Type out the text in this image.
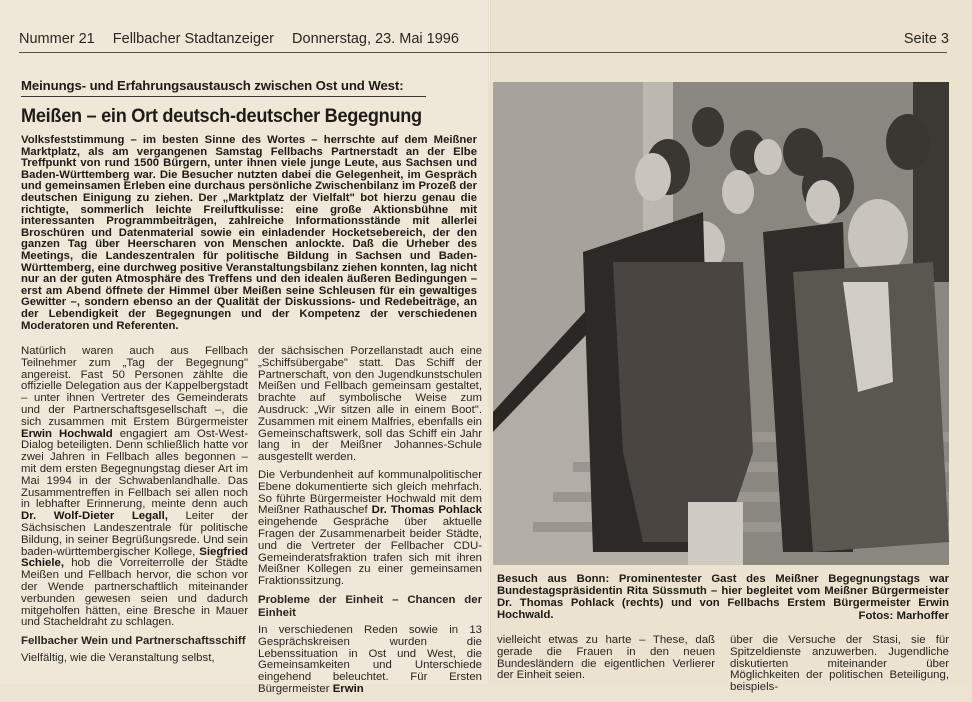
Nummer 21 Fellbacher Stadtanzeiger Donnerstag, 23. Mai 1996	Seite 3
Meinungs- und Erfahrungsaustausch zwischen Ost und West:
Meißen – ein Ort deutsch-deutscher Begegnung
Volksfeststimmung – im besten Sinne des Wortes – herrschte auf dem Meißner Marktplatz, als am vergangenen Samstag Fellbachs Partnerstadt an der Elbe Treffpunkt von rund 1500 Bürgern, unter ihnen viele junge Leute, aus Sachsen und Baden-Württemberg war. Die Besucher nutzten dabei die Gelegenheit, im Gespräch und gemeinsamen Erleben eine durchaus persönliche Zwischenbilanz im Prozeß der deutschen Einigung zu ziehen. Der „Marktplatz der Vielfalt" bot hierzu genau die richtigte, sommerlich leichte Freiluftkulisse: eine große Aktionsbühne mit interessanten Programmbeiträgen, zahlreiche Informationsstände mit allerlei Broschüren und Datenmaterial sowie ein einladender Hocketsebereich, der den ganzen Tag über Heerscharen von Menschen anlockte. Daß die Urheber des Meetings, die Landeszentralen für politische Bildung in Sachsen und Baden-Württemberg, eine durchweg positive Veranstaltungsbilanz ziehen konnten, lag nicht nur an der guten Atmosphäre des Treffens und den idealen äußeren Bedingungen – erst am Abend öffnete der Himmel über Meißen seine Schleusen für ein gewaltiges Gewitter –, sondern ebenso an der Qualität der Diskussions- und Redebeiträge, an der Lebendigkeit der Begegnungen und der Kompetenz der verschiedenen Moderatoren und Referenten.

Natürlich waren auch aus Fellbach Teilnehmer zum „Tag der Begegnung" angereist. Fast 50 Personen zählte die offizielle Delegation aus der Kappelbergstadt – unter ihnen Vertreter des Gemeinderats und der Partnerschaftsgesellschaft –, die sich zusammen mit Erstem Bürgermeister Erwin Hochwald engagiert am Ost-West-Dialog beteiligten. Denn schließlich hatte vor zwei Jahren in Fellbach alles begonnen – mit dem ersten Begegnungstag dieser Art im Mai 1994 in der Schwabenlandhalle. Das Zusammentreffen in Fellbach sei allen noch in lebhafter Erinnerung, meinte denn auch Dr. Wolf-Dieter Legall, Leiter der Sächsischen Landeszentrale für politische Bildung, in seiner Begrüßungsrede. Und sein baden-württembergischer Kollege, Siegfried Schiele, hob die Vorreiterrolle der Städte Meißen und Fellbach hervor, die schon vor der Wende partnerschaftlich miteinander verbunden gewesen seien und dadurch mitgeholfen hätten, eine Bresche in Mauer und Stacheldraht zu schlagen.

Fellbacher Wein und Partnerschaftsschiff

Vielfältig, wie die Veranstaltung selbst,

der sächsischen Porzellanstadt auch eine „Schiffsübergabe" statt. Das Schiff der Partnerschaft, von den Jugendkunstschulen Meißen und Fellbach gemeinsam gestaltet, brachte auf symbolische Weise zum Ausdruck: „Wir sitzen alle in einem Boot". Zusammen mit einem Malfries, ebenfalls ein Gemeinschaftswerk, soll das Schiff ein Jahr lang in der Meißner Johannes-Schule ausgestellt werden.

Die Verbundenheit auf kommunalpolitischer Ebene dokumentierte sich gleich mehrfach. So führte Bürgermeister Hochwald mit dem Meißner Rathauschef Dr. Thomas Pohlack eingehende Gespräche über aktuelle Fragen der Zusammenarbeit beider Städte, und die Vertreter der Fellbacher CDU-Gemeinderatsfraktion trafen sich mit ihren Meißner Kollegen zu einer gemeinsamen Fraktionssitzung.

Probleme der Einheit – Chancen der Einheit

In verschiedenen Reden sowie in 13 Gesprächskreisen wurden die Lebenssituation in Ost und West, die Gemeinsamkeiten und Unterschiede eingehend beleuchtet. Für Ersten Bürgermeister Erwin

Besuch aus Bonn: Prominentester Gast des Meißner Begegnungstags war Bundestagspräsidentin Rita Süssmuth – hier begleitet vom Meißner Bürgermeister Dr. Thomas Pohlack (rechts) und von Fellbachs Erstem Bürgermeister Erwin Hochwald.	Fotos: Marhoffer

vielleicht etwas zu harte – These, daß gerade die Frauen in den neuen Bundesländern die eigentlichen Verlierer der Einheit seien.

über die Versuche der Stasi, sie für Spitzeldienste anzuwerben. Jugendliche diskutierten miteinander über Möglichkeiten der politischen Beteiligung, beispiels-
